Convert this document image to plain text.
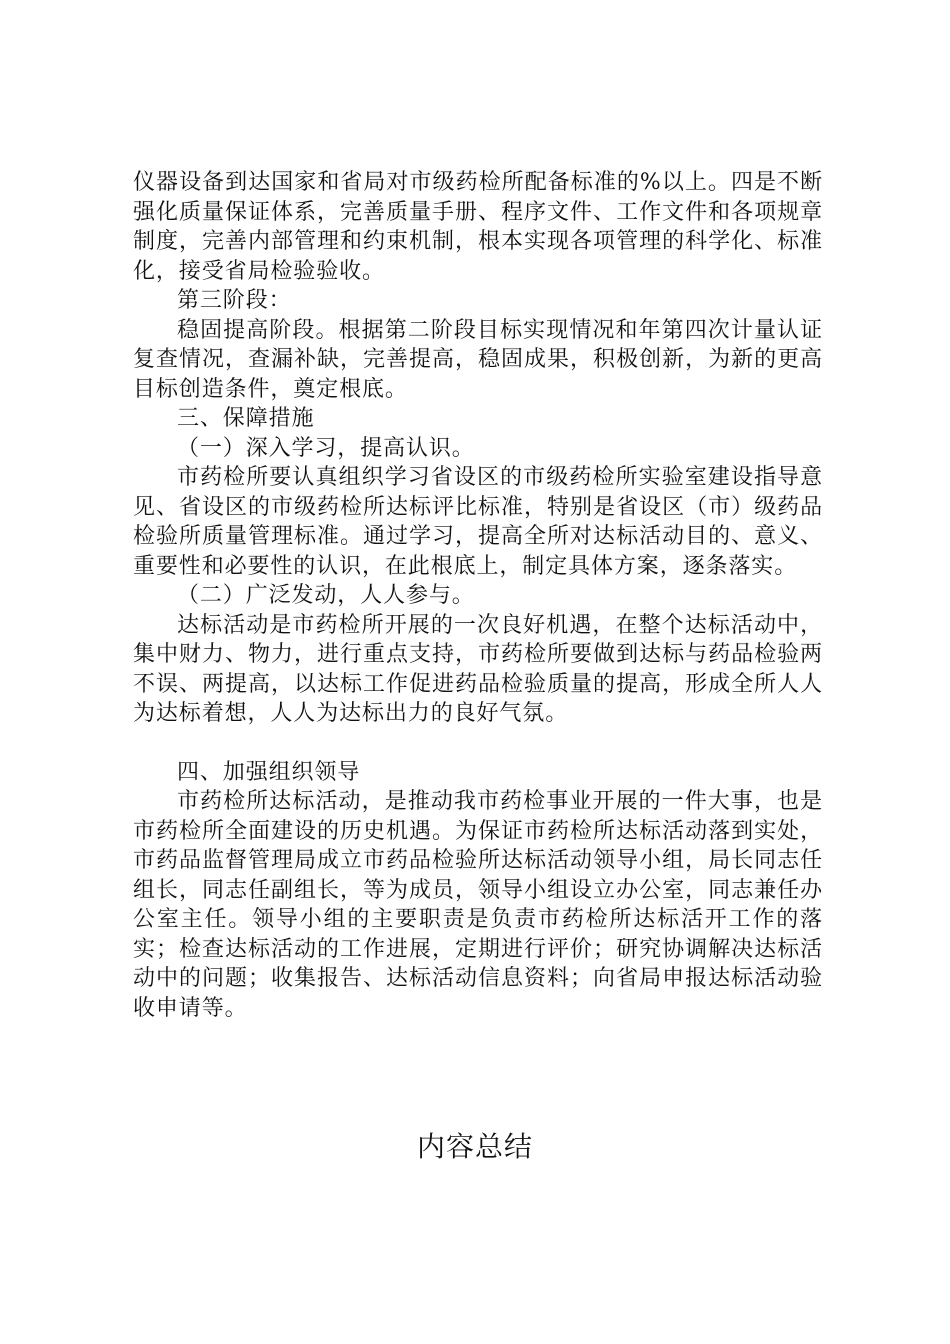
仪器设备到达国家和省局对市级药检所配备标准的%以上。四是不断强化质量保证体系，完善质量手册、程序文件、工作文件和各项规章制度，完善内部管理和约束机制，根本实现各项管理的科学化、标准化，接受省局检验验收。

第三阶段：

稳固提高阶段。根据第二阶段目标实现情况和年第四次计量认证复查情况，查漏补缺，完善提高，稳固成果，积极创新，为新的更高目标创造条件，奠定根底。

三、保障措施

（一）深入学习，提高认识。

市药检所要认真组织学习省设区的市级药检所实验室建设指导意见、省设区的市级药检所达标评比标准，特别是省设区（市）级药品检验所质量管理标准。通过学习，提高全所对达标活动目的、意义、重要性和必要性的认识，在此根底上，制定具体方案，逐条落实。

（二）广泛发动，人人参与。

达标活动是市药检所开展的一次良好机遇，在整个达标活动中，集中财力、物力，进行重点支持，市药检所要做到达标与药品检验两不误、两提高，以达标工作促进药品检验质量的提高，形成全所人人为达标着想，人人为达标出力的良好气氛。

四、加强组织领导

市药检所达标活动，是推动我市药检事业开展的一件大事，也是市药检所全面建设的历史机遇。为保证市药检所达标活动落到实处，市药品监督管理局成立市药品检验所达标活动领导小组，局长同志任组长，同志任副组长，等为成员，领导小组设立办公室，同志兼任办公室主任。领导小组的主要职责是负责市药检所达标活开工作的落实；检查达标活动的工作进展，定期进行评价；研究协调解决达标活动中的问题；收集报告、达标活动信息资料；向省局申报达标活动验收申请等。

内容总结
